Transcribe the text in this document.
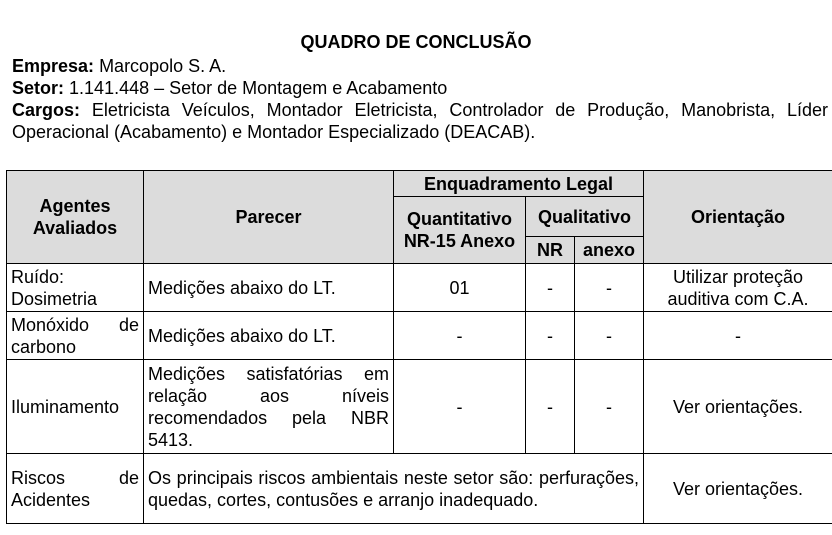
QUADRO DE CONCLUSÃO
Empresa: Marcopolo S. A.
Setor: 1.141.448 – Setor de Montagem e Acabamento
Cargos: Eletricista Veículos, Montador Eletricista, Controlador de Produção, Manobrista, Líder Operacional (Acabamento) e Montador Especializado (DEACAB).
Agentes Avaliados	Parecer	Enquadramento Legal			Orientação
		Quantitativo NR-15 Anexo	Qualitativo		
			NR	anexo	
Ruído: Dosimetria	Medições abaixo do LT.	01	-	-	Utilizar proteção auditiva com C.A.
Monóxido de carbono	Medições abaixo do LT.	-	-	-	-
Iluminamento	Medições satisfatórias em relação aos níveis recomendados pela NBR 5413.	-	-	-	Ver orientações.
Riscos de Acidentes	Os principais riscos ambientais neste setor são: perfurações, quedas, cortes, contusões e arranjo inadequado.				Ver orientações.
